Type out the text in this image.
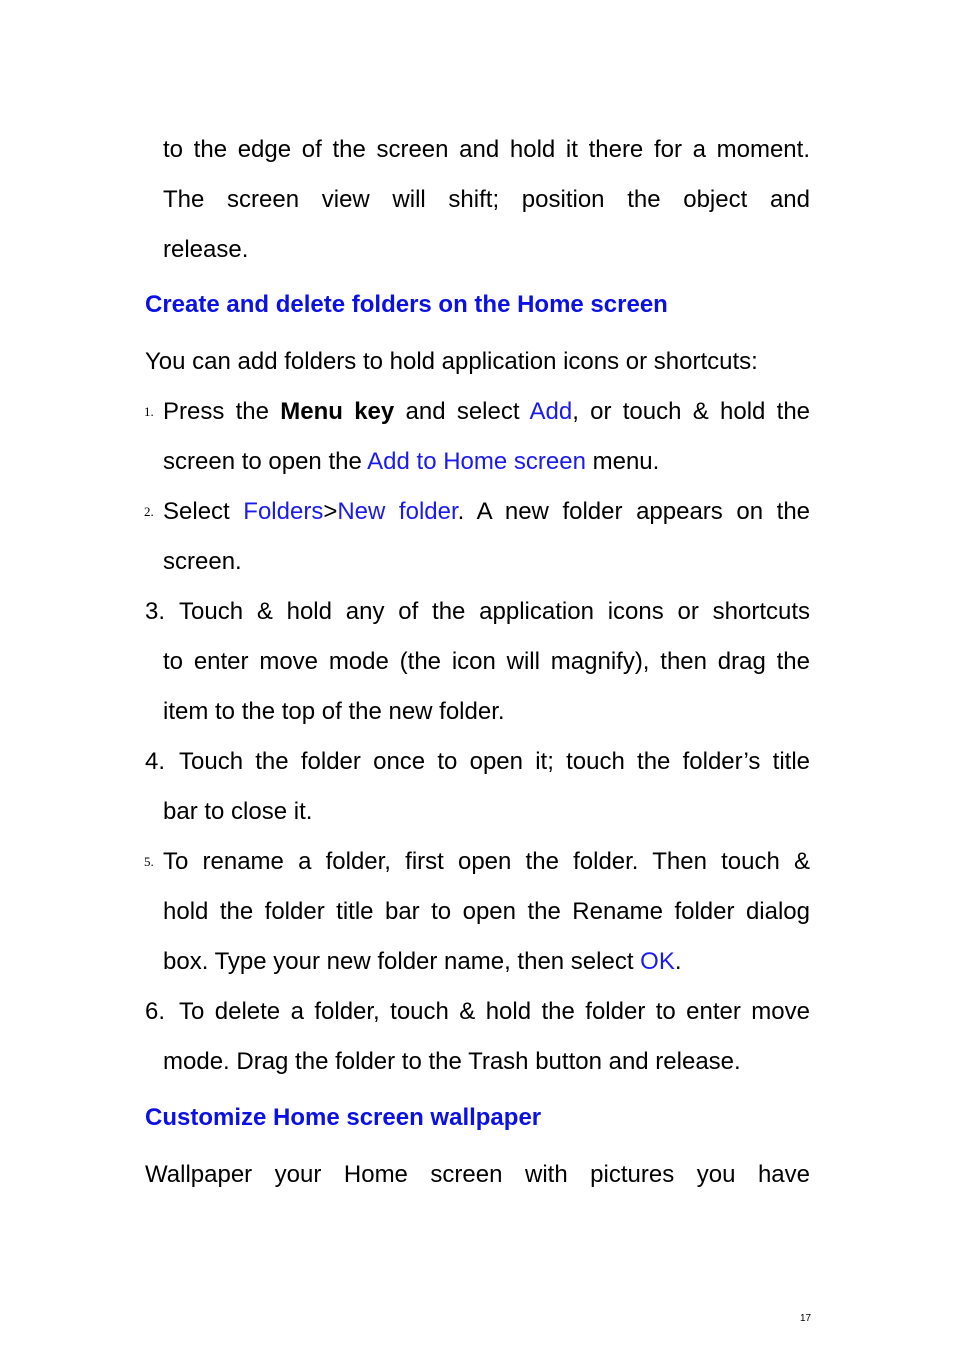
to the edge of the screen and hold it there for a moment.
The screen view will shift; position the object and
release.
Create and delete folders on the Home screen
You can add folders to hold application icons or shortcuts:
1. Press the Menu key and select Add, or touch & hold the
screen to open the Add to Home screen menu.
2. Select Folders>New folder. A new folder appears on the
screen.
3. Touch & hold any of the application icons or shortcuts
to enter move mode (the icon will magnify), then drag the
item to the top of the new folder.
4. Touch the folder once to open it; touch the folder’s title
bar to close it.
5. To rename a folder, first open the folder. Then touch &
hold the folder title bar to open the Rename folder dialog
box. Type your new folder name, then select OK.
6. To delete a folder, touch & hold the folder to enter move
mode. Drag the folder to the Trash button and release.
Customize Home screen wallpaper
Wallpaper your Home screen with pictures you have
17
